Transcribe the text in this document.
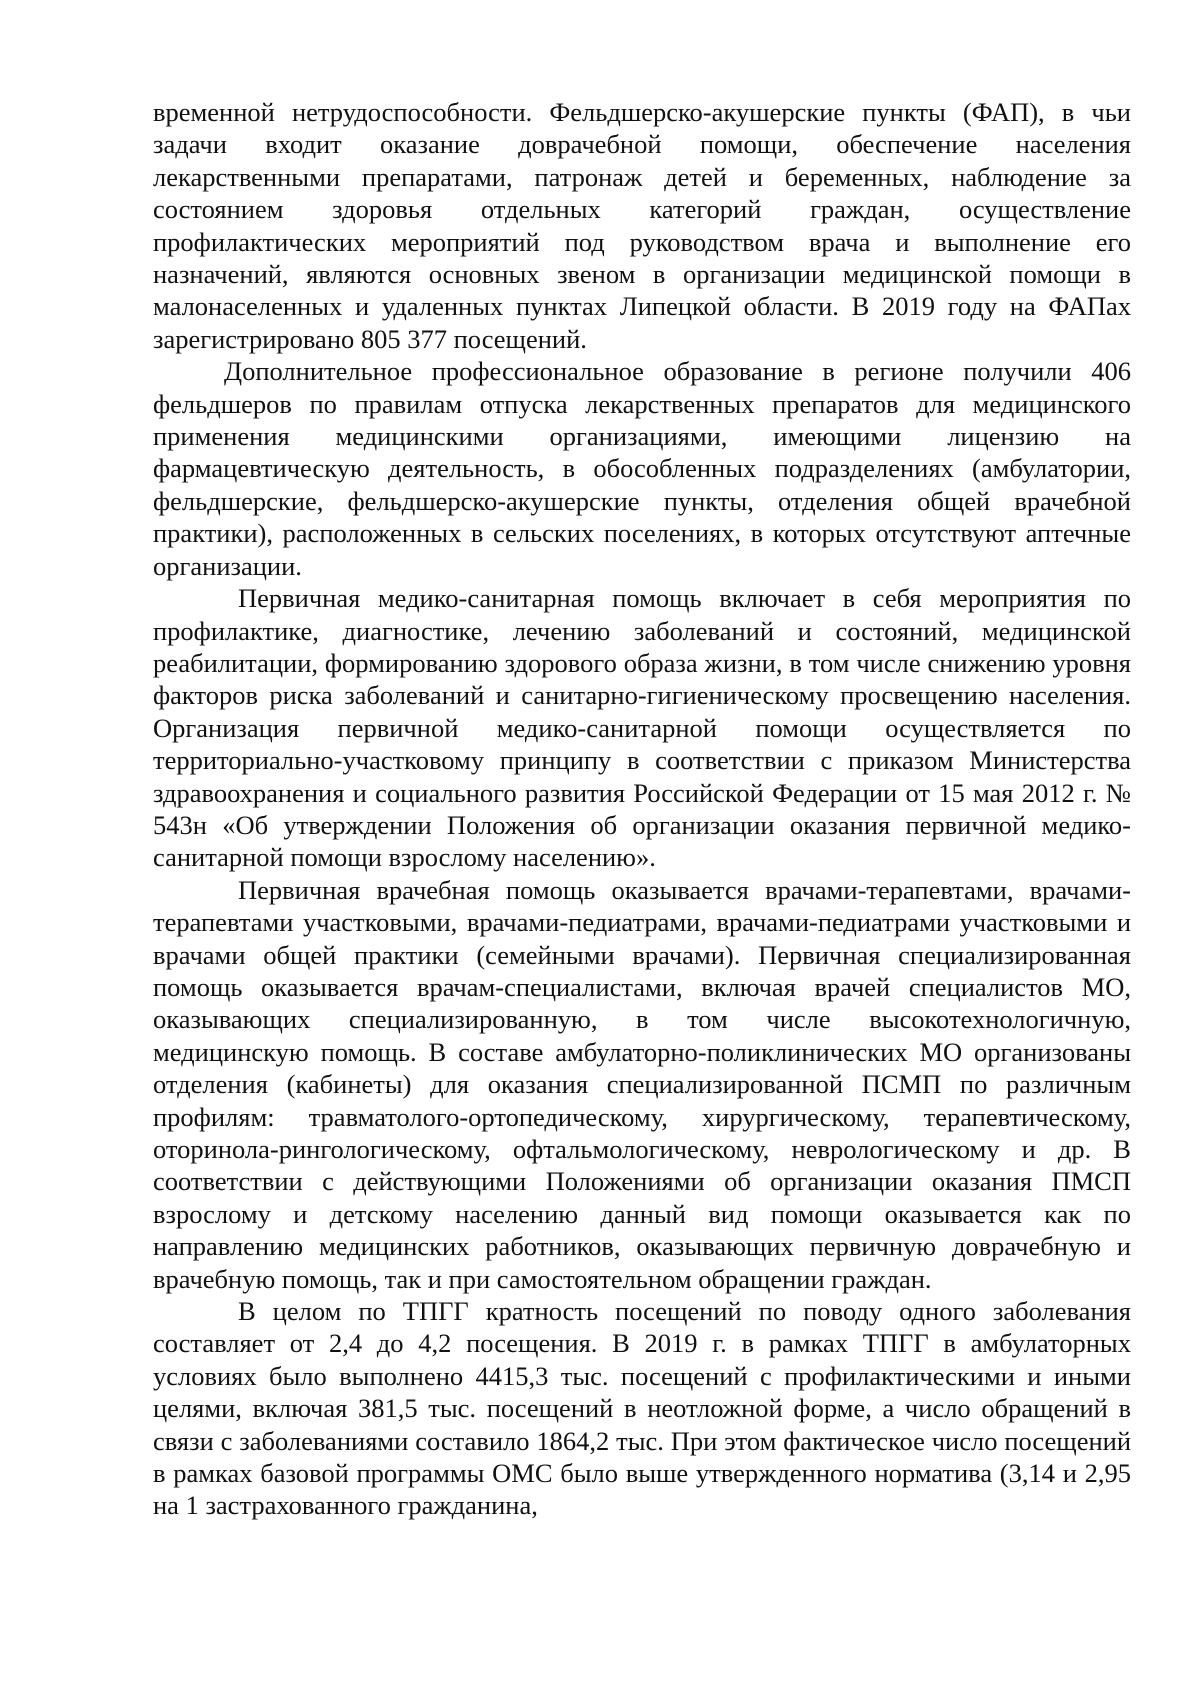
временной нетрудоспособности. Фельдшерско-акушерские пункты (ФАП), в чьи задачи входит оказание доврачебной помощи, обеспечение населения лекарственными препаратами, патронаж детей и беременных, наблюдение за состоянием здоровья отдельных категорий граждан, осуществление профилактических мероприятий под руководством врача и выполнение его назначений, являются основных звеном в организации медицинской помощи в малонаселенных и удаленных пунктах Липецкой области. В 2019 году на ФАПах зарегистрировано 805 377 посещений.

Дополнительное профессиональное образование в регионе получили 406 фельдшеров по правилам отпуска лекарственных препаратов для медицинского применения медицинскими организациями, имеющими лицензию на фармацевтическую деятельность, в обособленных подразделениях (амбулатории, фельдшерские, фельдшерско-акушерские пункты, отделения общей врачебной практики), расположенных в сельских поселениях, в которых отсутствуют аптечные организации.

Первичная медико-санитарная помощь включает в себя мероприятия по профилактике, диагностике, лечению заболеваний и состояний, медицинской реабилитации, формированию здорового образа жизни, в том числе снижению уровня факторов риска заболеваний и санитарно-гигиеническому просвещению населения. Организация первичной медико-санитарной помощи осуществляется по территориально-участковому принципу в соответствии с приказом Министерства здравоохранения и социального развития Российской Федерации от 15 мая 2012 г. № 543н «Об утверждении Положения об организации оказания первичной медико-санитарной помощи взрослому населению».

Первичная врачебная помощь оказывается врачами-терапевтами, врачами-терапевтами участковыми, врачами-педиатрами, врачами-педиатрами участковыми и врачами общей практики (семейными врачами). Первичная специализированная помощь оказывается врачам-специалистами, включая врачей специалистов МО, оказывающих специализированную, в том числе высокотехнологичную, медицинскую помощь. В составе амбулаторно-поликлинических МО организованы отделения (кабинеты) для оказания специализированной ПСМП по различным профилям: травматолого-ортопедическому, хирургическому, терапевтическому, оторинола-рингологическому, офтальмологическому, неврологическому и др. В соответствии с действующими Положениями об организации оказания ПМСП взрослому и детскому населению данный вид помощи оказывается как по направлению медицинских работников, оказывающих первичную доврачебную и врачебную помощь, так и при самостоятельном обращении граждан.

В целом по ТПГГ кратность посещений по поводу одного заболевания составляет от 2,4 до 4,2 посещения. В 2019 г. в рамках ТПГГ в амбулаторных условиях было выполнено 4415,3 тыс. посещений с профилактическими и иными целями, включая 381,5 тыс. посещений в неотложной форме, а число обращений в связи с заболеваниями составило 1864,2 тыс. При этом фактическое число посещений в рамках базовой программы ОМС было выше утвержденного норматива (3,14 и 2,95 на 1 застрахованного гражданина,
